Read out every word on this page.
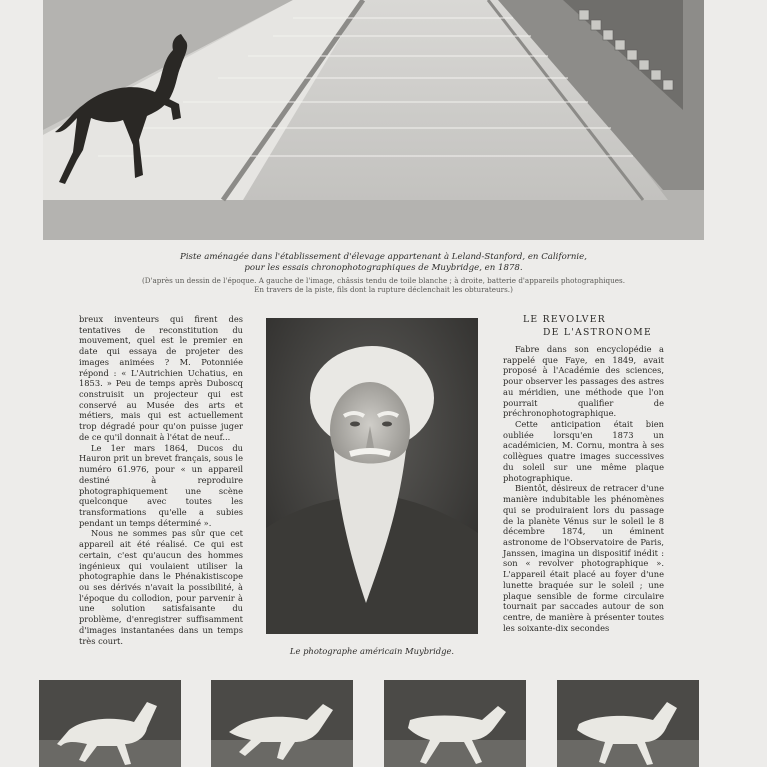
Piste aménagée dans l'établissement d'élevage appartenant à Leland-Stanford, en Californie,
pour les essais chronophotographiques de Muybridge, en 1878.
(D'après un dessin de l'époque. A gauche de l'image, châssis tendu de toile blanche ; à droite, batterie d'appareils photographiques.
En travers de la piste, fils dont la rupture déclenchait les obturateurs.)

breux inventeurs qui firent des tentatives de reconstitution du mouvement, quel est le premier en date qui essaya de projeter des images animées ? M. Potonniée répond : « L'Autrichien Uchatius, en 1853. » Peu de temps après Duboscq construisit un projecteur qui est conservé au Musée des arts et métiers, mais qui est actuellement trop dégradé pour qu'on puisse juger de ce qu'il donnait à l'état de neuf...

Le 1er mars 1864, Ducos du Hauron prit un brevet français, sous le numéro 61.976, pour « un appareil destiné à reproduire photographiquement une scène quelconque avec toutes les transformations qu'elle a subies pendant un temps déterminé ».

Nous ne sommes pas sûr que cet appareil ait été réalisé. Ce qui est certain, c'est qu'aucun des hommes ingénieux qui voulaient utiliser la photographie dans le Phénakistiscope ou ses dérivés n'avait la possibilité, à l'époque du collodion, pour parvenir à une solution satisfaisante du problème, d'enregistrer suffisamment d'images instantanées dans un temps très court.

Le photographe américain Muybridge.
LE REVOLVER
DE L'ASTRONOME

Fabre dans son encyclopédie a rappelé que Faye, en 1849, avait proposé à l'Académie des sciences, pour observer les passages des astres au méridien, une méthode que l'on pourrait qualifier de préchronophotographique.

Cette anticipation était bien oubliée lorsqu'en 1873 un académicien, M. Cornu, montra à ses collègues quatre images successives du soleil sur une même plaque photographique.

Bientôt, désireux de retracer d'une manière indubitable les phénomènes qui se produiraient lors du passage de la planète Vénus sur le soleil le 8 décembre 1874, un éminent astronome de l'Observatoire de Paris, Janssen, imagina un dispositif inédit : son « revolver photographique ». L'appareil était placé au foyer d'une lunette braquée sur le soleil ; une plaque sensible de forme circulaire tournait par saccades autour de son centre, de manière à présenter toutes les soixante-dix secondes
